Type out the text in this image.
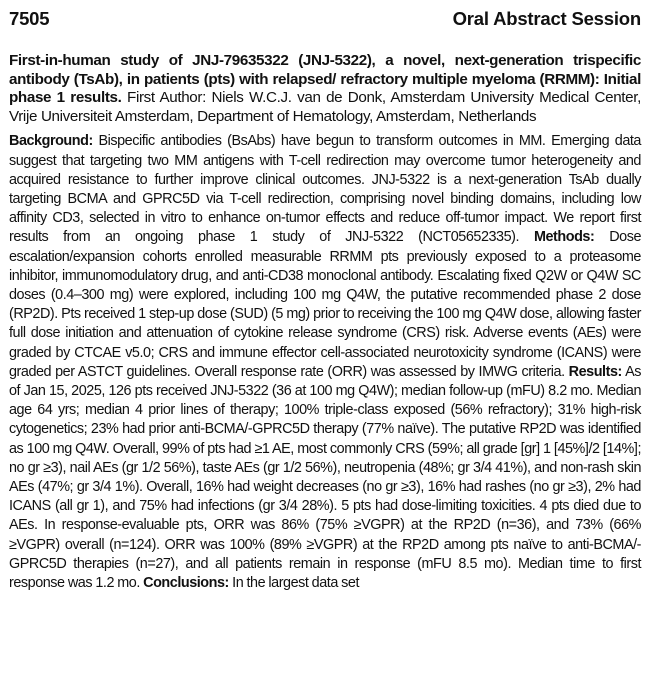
7505	Oral Abstract Session
First-in-human study of JNJ-79635322 (JNJ-5322), a novel, next-generation trispecific antibody (TsAb), in patients (pts) with relapsed/ refractory multiple myeloma (RRMM): Initial phase 1 results. First Author: Niels W.C.J. van de Donk, Amsterdam University Medical Center, Vrije Universiteit Amsterdam, Department of Hematology, Amsterdam, Netherlands
Background: Bispecific antibodies (BsAbs) have begun to transform outcomes in MM. Emerging data suggest that targeting two MM antigens with T-cell redirection may overcome tumor heterogeneity and acquired resistance to further improve clinical outcomes. JNJ-5322 is a next-generation TsAb dually targeting BCMA and GPRC5D via T-cell redirection, comprising novel binding domains, including low affinity CD3, selected in vitro to enhance on-tumor effects and reduce off-tumor impact. We report first results from an ongoing phase 1 study of JNJ-5322 (NCT05652335). Methods: Dose escalation/expansion cohorts enrolled measurable RRMM pts previously exposed to a proteasome inhibitor, immunomodulatory drug, and anti-CD38 monoclonal antibody. Escalating fixed Q2W or Q4W SC doses (0.4–300 mg) were explored, including 100 mg Q4W, the putative recommended phase 2 dose (RP2D). Pts received 1 step-up dose (SUD) (5 mg) prior to receiving the 100 mg Q4W dose, allowing faster full dose initiation and attenuation of cytokine release syndrome (CRS) risk. Adverse events (AEs) were graded by CTCAE v5.0; CRS and immune effector cell-associated neurotoxicity syndrome (ICANS) were graded per ASTCT guidelines. Overall response rate (ORR) was assessed by IMWG criteria. Results: As of Jan 15, 2025, 126 pts received JNJ-5322 (36 at 100 mg Q4W); median follow-up (mFU) 8.2 mo. Median age 64 yrs; median 4 prior lines of therapy; 100% triple-class exposed (56% refractory); 31% high-risk cytogenetics; 23% had prior anti-BCMA/-GPRC5D therapy (77% naïve). The putative RP2D was identified as 100 mg Q4W. Overall, 99% of pts had ≥1 AE, most commonly CRS (59%; all grade [gr] 1 [45%]/2 [14%]; no gr ≥3), nail AEs (gr 1/2 56%), taste AEs (gr 1/2 56%), neutropenia (48%; gr 3/4 41%), and non-rash skin AEs (47%; gr 3/4 1%). Overall, 16% had weight decreases (no gr ≥3), 16% had rashes (no gr ≥3), 2% had ICANS (all gr 1), and 75% had infections (gr 3/4 28%). 5 pts had dose-limiting toxicities. 4 pts died due to AEs. In response-evaluable pts, ORR was 86% (75% ≥VGPR) at the RP2D (n=36), and 73% (66% ≥VGPR) overall (n=124). ORR was 100% (89% ≥VGPR) at the RP2D among pts naïve to anti-BCMA/-GPRC5D therapies (n=27), and all patients remain in response (mFU 8.5 mo). Median time to first response was 1.2 mo. Conclusions: In the largest data set
